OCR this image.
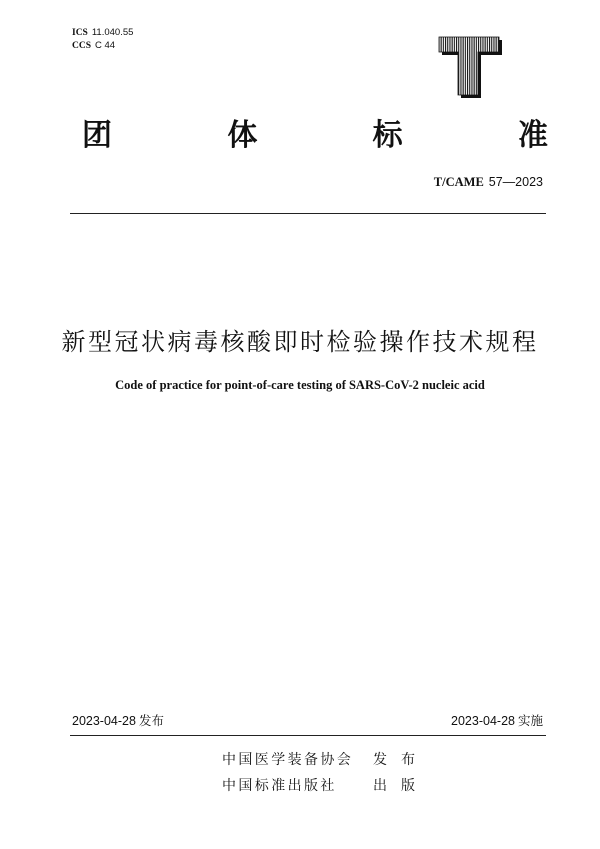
ICS 11.040.55
CCS C 44
团	体	标	准
T/CAME 57—2023
新型冠状病毒核酸即时检验操作技术规程
Code of practice for point-of-care testing of SARS-CoV-2 nucleic acid
2023-04-28 发布	2023-04-28 实施
中国医学装备协会 发布
中国标准出版社	出版
